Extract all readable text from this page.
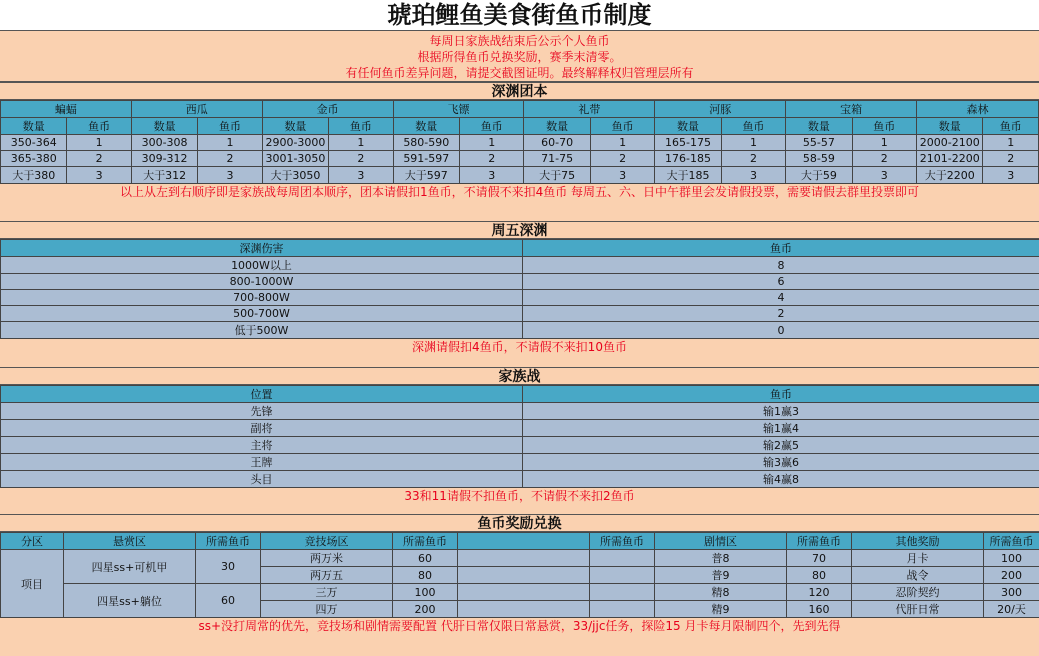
琥珀鲤鱼美食街鱼币制度
每周日家族战结束后公示个人鱼币
根据所得鱼币兑换奖励，赛季末清零。
有任何鱼币差异问题，请提交截图证明。最终解释权归管理层所有
深渊团本
蝙蝠		西瓜		金币		飞镖		礼带		河豚		宝箱		森林	
数量	鱼币	数量	鱼币	数量	鱼币	数量	鱼币	数量	鱼币	数量	鱼币	数量	鱼币	数量	鱼币
350-364	1	300-308	1	2900-3000	1	580-590	1	60-70	1	165-175	1	55-57	1	2000-2100	1
365-380	2	309-312	2	3001-3050	2	591-597	2	71-75	2	176-185	2	58-59	2	2101-2200	2
大于380	3	大于312	3	大于3050	3	大于597	3	大于75	3	大于185	3	大于59	3	大于2200	3
以上从左到右顺序即是家族战每周团本顺序，团本请假扣1鱼币，不请假不来扣4鱼币 每周五、六、日中午群里会发请假投票，需要请假去群里投票即可
周五深渊
深渊伤害	鱼币
1000W以上	8
800-1000W	6
700-800W	4
500-700W	2
低于500W	0
深渊请假扣4鱼币，不请假不来扣10鱼币
家族战
位置	鱼币
先锋	输1赢3
副将	输1赢4
主将	输2赢5
王牌	输3赢6
头目	输4赢8
33和11请假不扣鱼币，不请假不来扣2鱼币
鱼币奖励兑换
分区	悬赏区	所需鱼币	竞技场区	所需鱼币		所需鱼币	剧情区	所需鱼币	其他奖励	所需鱼币
项目	四星ss+可机甲	30	两万米	60			普8	70	月卡	100
			两万五	80			普9	80	战令	200
	四星ss+躺位	60	三万	100			精8	120	忍阶契约	300
			四万	200			精9	160	代肝日常	20/天
ss+没打周常的优先，竞技场和剧情需要配置 代肝日常仅限日常悬赏，33/jjc任务，探险15 月卡每月限制四个，先到先得
